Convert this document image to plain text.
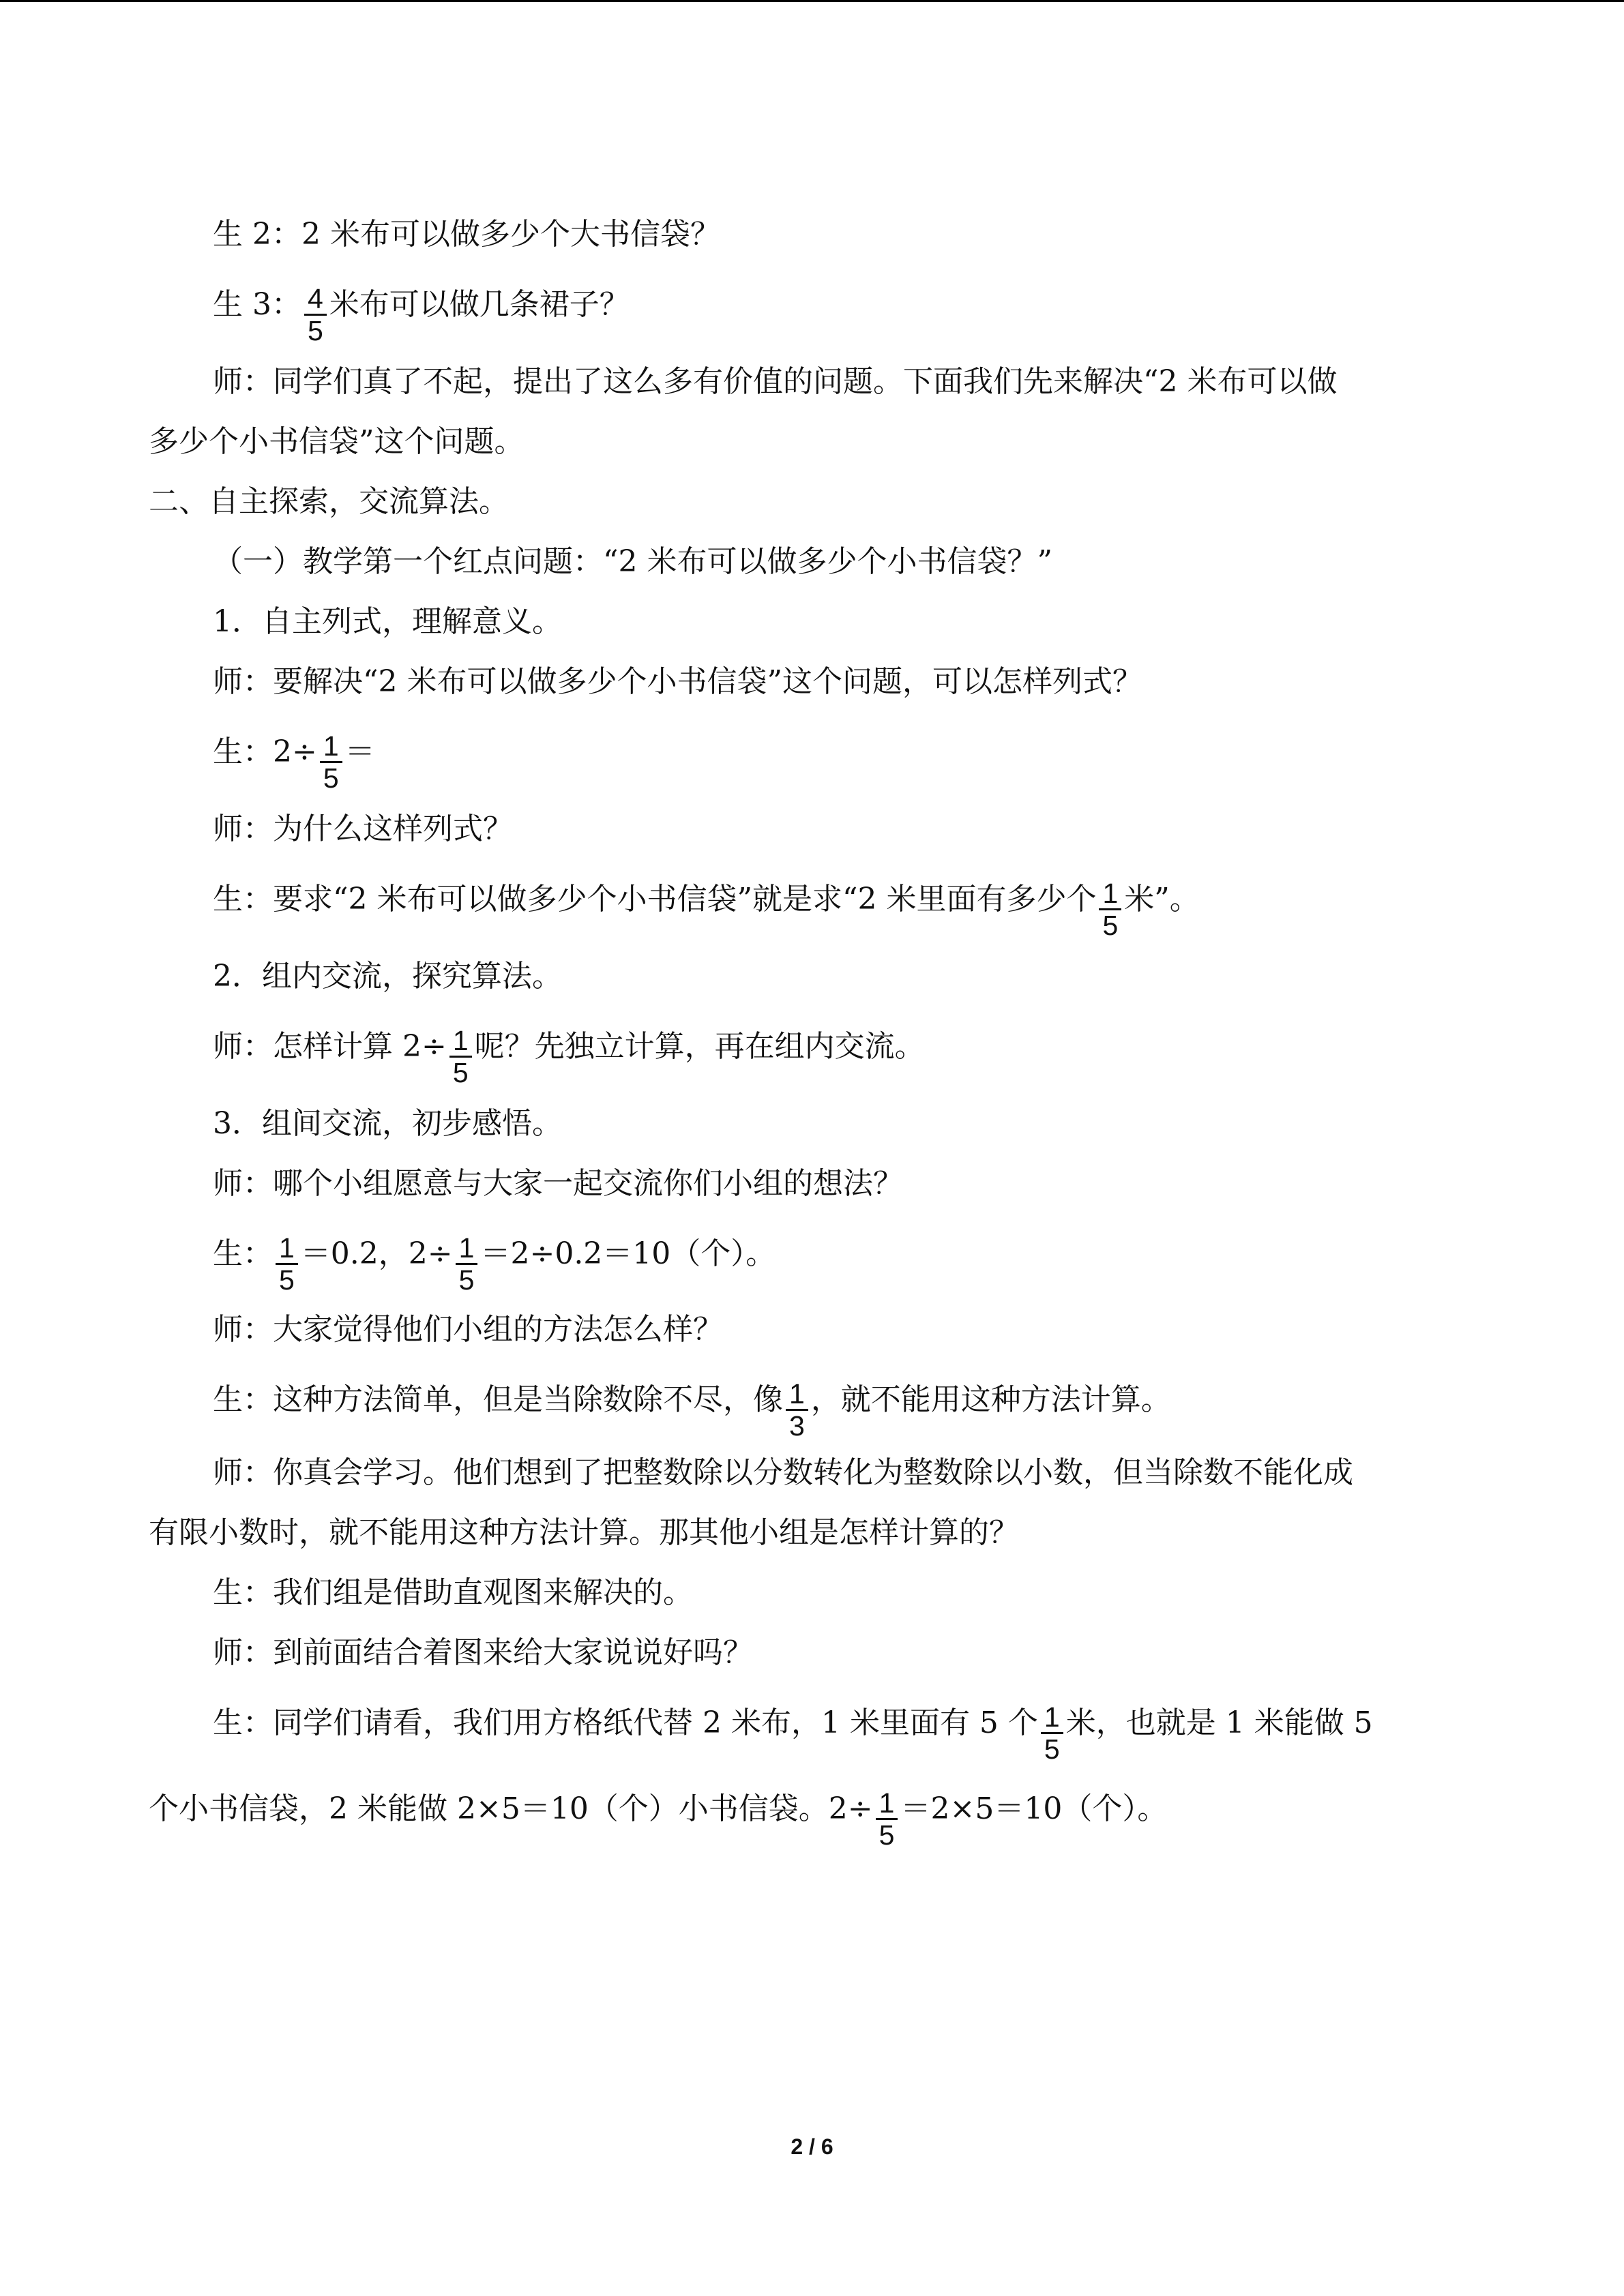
生 2：2 米布可以做多少个大书信袋？
生 3： $\frac{4}{5}$ 米布可以做几条裙子？
师：同学们真了不起，提出了这么多有价值的问题。下面我们先来解决“2 米布可以做
多少个小书信袋”这个问题。
二、自主探索，交流算法。
（一）教学第一个红点问题：“2 米布可以做多少个小书信袋？”
1．自主列式，理解意义。
师：要解决“2 米布可以做多少个小书信袋”这个问题，可以怎样列式？
生：$2\div \frac{1}{5}$ ＝
师：为什么这样列式？
生：要求“2 米布可以做多少个小书信袋”就是求“2 米里面有多少个 $\frac{1}{5}$ 米”。
2．组内交流，探究算法。
师：怎样计算 $2\div \frac{1}{5}$ 呢？先独立计算，再在组内交流。
3．组间交流，初步感悟。
师：哪个小组愿意与大家一起交流你们小组的想法？
生： $\frac{1}{5} =0.2$，$2\div \frac{1}{5} =2\div 0.2=10$（个）。
师：大家觉得他们小组的方法怎么样？
生：这种方法简单，但是当除数除不尽，像 $\frac{1}{3}$ ，就不能用这种方法计算。
师：你真会学习。他们想到了把整数除以分数转化为整数除以小数，但当除数不能化成
有限小数时，就不能用这种方法计算。那其他小组是怎样计算的？
生：我们组是借助直观图来解决的。
师：到前面结合着图来给大家说说好吗？
生：同学们请看，我们用方格纸代替 2 米布，1 米里面有 5 个 $\frac{1}{5}$ 米，也就是 1 米能做 5
个小书信袋，2 米能做 2×5＝10（个）小书信袋。$2\div \frac{1}{5} =2\times 5=10$（个）。
2 / 6
